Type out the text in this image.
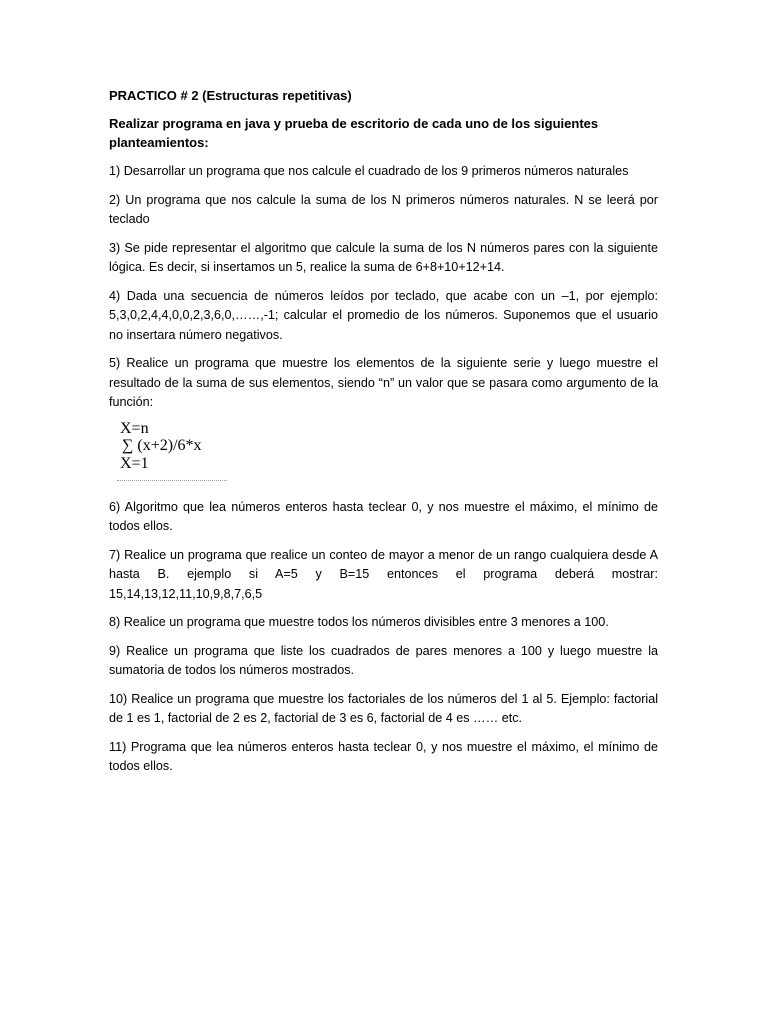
PRACTICO # 2 (Estructuras repetitivas)

Realizar programa en java y prueba de escritorio de cada uno de los siguientes planteamientos:

1) Desarrollar un programa que nos calcule el cuadrado de los 9 primeros números naturales

2) Un programa que nos calcule la suma de los N primeros números naturales. N se leerá por teclado

3) Se pide representar el algoritmo que calcule la suma de los N números pares con la siguiente lógica. Es decir, si insertamos un 5, realice la suma de 6+8+10+12+14.

4) Dada una secuencia de números leídos por teclado, que acabe con un –1, por ejemplo: 5,3,0,2,4,4,0,0,2,3,6,0,……,-1; calcular el promedio de los números. Suponemos que el usuario no insertara número negativos.

5) Realice un programa que muestre los elementos de la siguiente serie y luego muestre el resultado de la suma de sus elementos, siendo “n” un valor que se pasara como argumento de la función:

X=n
∑ (x+2)/6*x
X=1

6) Algoritmo que lea números enteros hasta teclear 0, y nos muestre el máximo, el mínimo de todos ellos.

7) Realice un programa que realice un conteo de mayor a menor de un rango cualquiera desde A hasta B. ejemplo si A=5 y B=15 entonces el programa deberá mostrar: 15,14,13,12,11,10,9,8,7,6,5

8) Realice un programa que muestre todos los números divisibles entre 3 menores a 100.

9) Realice un programa que liste los cuadrados de pares menores a 100 y luego muestre la sumatoria de todos los números mostrados.

10) Realice un programa que muestre los factoriales de los números del 1 al 5. Ejemplo: factorial de 1 es 1, factorial de 2 es 2, factorial de 3 es 6, factorial de 4 es …… etc.

11) Programa que lea números enteros hasta teclear 0, y nos muestre el máximo, el mínimo de todos ellos.
